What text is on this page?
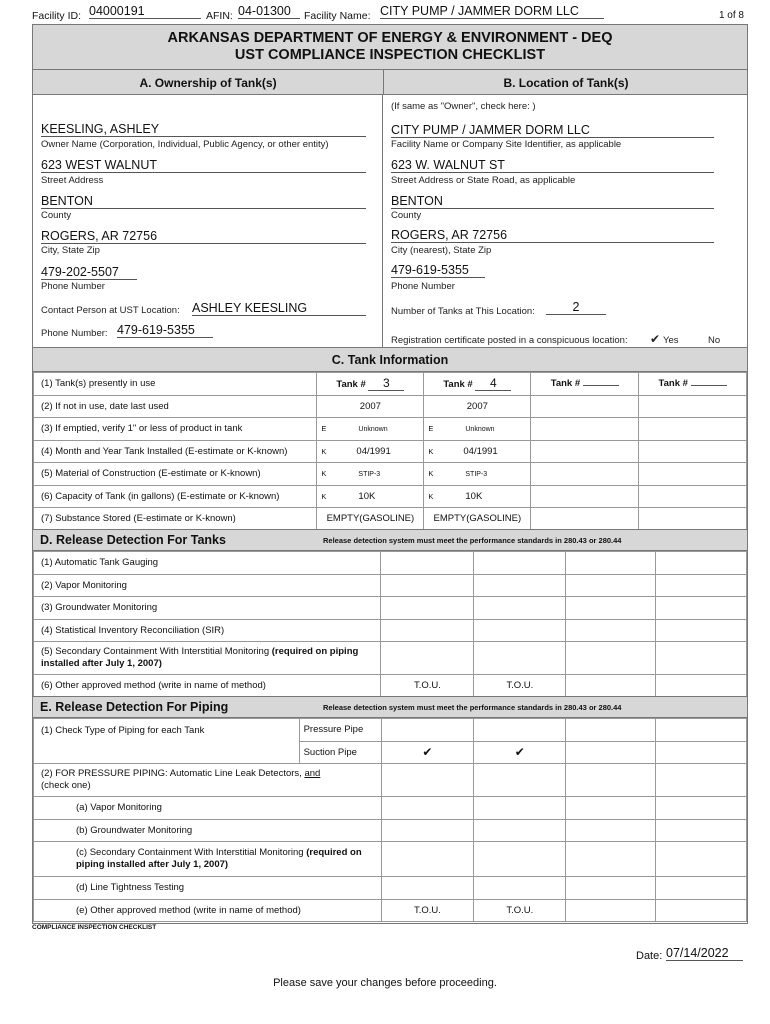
Facility ID: 04000191	AFIN: 04-01300	Facility Name: CITY PUMP / JAMMER DORM LLC	1 of 8
ARKANSAS DEPARTMENT OF ENERGY & ENVIRONMENT - DEQ
UST COMPLIANCE INSPECTION CHECKLIST
A. Ownership of Tank(s)	B. Location of Tank(s)
KEESLING, ASHLEY
Owner Name (Corporation, Individual, Public Agency, or other entity)
623 WEST WALNUT
Street Address
BENTON
County
ROGERS, AR 72756
City, State Zip
479-202-5507
Phone Number
Contact Person at UST Location: ASHLEY KEESLING
Phone Number: 479-619-5355
(If same as "Owner", check here: )
CITY PUMP / JAMMER DORM LLC
Facility Name or Company Site Identifier, as applicable
623 W. WALNUT ST
Street Address or State Road, as applicable
BENTON
County
ROGERS, AR 72756
City (nearest), State Zip
479-619-5355
Phone Number
Number of Tanks at This Location:	2
Registration certificate posted in a conspicuous location: ✔ Yes	No
C. Tank Information
(1) Tank(s) presently in use	Tank # 3	Tank # 4	Tank #	Tank #
(2) If not in use, date last used	2007	2007		
(3) If emptied, verify 1" or less of product in tank	E Unknown	E Unknown		
(4) Month and Year Tank Installed (E-estimate or K-known)	K 04/1991	K 04/1991		
(5) Material of Construction (E-estimate or K-known)	K STIP-3	K STIP-3		
(6) Capacity of Tank (in gallons) (E-estimate or K-known)	K 10K	K 10K		
(7) Substance Stored (E-estimate or K-known)	EMPTY(GASOLINE)	EMPTY(GASOLINE)		
D. Release Detection For Tanks	Release detection system must meet the performance standards in 280.43 or 280.44
(1) Automatic Tank Gauging				
(2) Vapor Monitoring				
(3) Groundwater Monitoring				
(4) Statistical Inventory Reconciliation (SIR)				
(5) Secondary Containment With Interstitial Monitoring (required on piping installed after July 1, 2007)				
(6) Other approved method (write in name of method)	T.O.U.	T.O.U.		
E. Release Detection For Piping	Release detection system must meet the performance standards in 280.43 or 280.44
(1) Check Type of Piping for each Tank	Pressure Pipe				
	Suction Pipe	✔	✔		
(2) FOR PRESSURE PIPING: Automatic Line Leak Detectors, and
(check one)					
(a) Vapor Monitoring					
(b) Groundwater Monitoring					
(c) Secondary Containment With Interstitial Monitoring (required on piping installed after July 1, 2007)					
(d) Line Tightness Testing					
(e) Other approved method (write in name of method)		T.O.U.	T.O.U.		
COMPLIANCE INSPECTION CHECKLIST
Date: 07/14/2022
Please save your changes before proceeding.
